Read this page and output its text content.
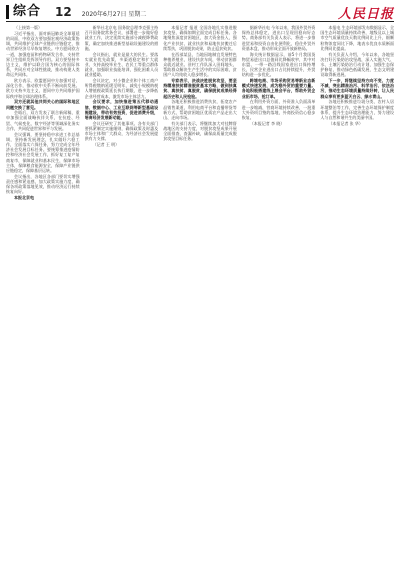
综合 12 2020年6月27日 星期二	人民日报

（上接第一版）

习近平指出，面对新冠肺炎全球蔓延的局面，中欧双方要加强宏观经济政策协调，共同维护全球产业链供应链稳定，推动世界经济尽早恢复增长。中方愿同欧方一道，加强疫苗和药物研发合作，支持世界卫生组织发挥领导作用。双方要坚持多边主义，维护以联合国为核心的国际体系，共同应对全球性挑战，推动构建人类命运共同体。

欧方表示，欧盟愿同中方加强对话，深化合作，推动欧中关系不断向前发展。欧方支持多边主义，愿同中方共同维护国际秩序和全球治理体系。

双方还就其他共同关心的国际和地区问题交换了意见。

会晤后，双方发表了联合新闻稿，重申加强全面战略伙伴关系，在抗疫、经贸、气候变化、数字经济等领域深化务实合作，共同促进世界和平与发展。

会议强调，要坚持稳中求进工作总基调，坚持新发展理念，扎实做好六稳工作，全面落实六保任务，努力完成全年经济社会发展目标任务。要统筹推进疫情防控和经济社会发展工作，抓好复工复产复商复市，保障就业和基本民生，保障市场主体，保障粮食能源安全，保障产业链供应链稳定，保障基层运转。

会议指出，各地区各部门要切实增强责任感和紧迫感，加大政策实施力度，确保各项政策落地见效，推动经济运行持续恢复向好。

本报北京电

新华社北京电 国务院总理李克强主持召开国务院常务会议，部署进一步做好稳就业工作，决定延续实施部分减税降费政策，确定加快推进新型基础设施建设的措施。

会议指出，就业是最大的民生。要落实就业优先政策，多渠道稳定和扩大就业，支持高校毕业生、农民工等重点群体就业，加强职业技能培训，强化困难人员就业援助。

会议决定，对小微企业和个体工商户所得税缴纳延缓至明年，减免小规模纳税人增值税政策延长执行期限，进一步降低企业经营成本，激发市场主体活力。

会议要求，加快推进第五代移动通信、数据中心、工业互联网等新型基础设施建设，带动有效投资，促进消费升级，培育经济发展新动能。

会议还研究了其他事项。各有关部门要抓紧制定实施细则，确保政策及时惠及市场主体和广大群众，为经济社会发展提供有力支撑。

（记者 王 明）

本报记者 报道 全国各地扎实推进脱贫攻坚，确保如期全面完成目标任务。各地聚焦深度贫困地区，加大资金投入，强化产业扶贫、就业扶贫和易地扶贫搬迁后续帮扶，巩固脱贫成果，防止返贫致贫。

在西部某县，当地因地制宜发展特色种植养殖业，建设扶贫车间，带动贫困群众就近就业。驻村工作队深入田间地头，帮助群众解决生产生活中的实际困难，贫困户人均纯收入稳步增长。

专家表示，决战决胜脱贫攻坚，要坚持精准扶贫精准脱贫基本方略，做到扶真贫、真扶贫、真脱贫，确保脱贫成果经得起历史和人民检验。

各地还积极推进消费扶贫，拓宽农产品销售渠道，利用电商平台和直播带货等新方式，帮助贫困地区优质农产品走出大山、走向市场。

有关部门表示，将继续加大对挂牌督战地区的支持力度，对脱贫攻坚成果开展全面排查，查漏补缺，确保高质量完成脱贫攻坚目标任务。

据新华社电 今年以来，我国外贸外资保持总体稳定，进出口呈现回稳向好态势。商务部有关负责人表示，将进一步推进贸易和投资自由化便利化，稳住外贸外资基本盘，推动形成全面开放新格局。

海关统计数据显示，前5个月我国货物贸易进出口总值同比降幅收窄，其中对东盟、一带一路沿线国家进出口保持增长，民营企业进出口占比持续提升，外贸结构进一步优化。

跨境电商、市场采购贸易等新业态新模式快速发展，成为稳外贸的重要力量。各地积极搭建线上展会平台，帮助外贸企业拓市场、抢订单。

在利用外资方面，外资准入负面清单进一步缩减，营商环境持续改善，一批重大外资项目签约落地，外商投资信心稳步恢复。

（本报记者 李 晓）

本报电 生态环境部发布数据显示，全国生态环境质量持续改善，地级及以上城市空气质量优良天数比例同比上升，细颗粒物浓度同比下降，地表水优良水质断面比例同比提高。

有关负责人介绍，今年以来，各地坚决打好污染防治攻坚战，深入实施大气、水、土壤污染防治行动计划，加强生态保护修复，推动绿色低碳发展，生态文明建设取得新进展。

下一步，将继续坚持方向不变、力度不减，突出精准治污、科学治污、依法治污，推动生态环境质量持续好转，让人民群众享有更多蓝天白云、绿水青山。

各地还积极推进垃圾分类、农村人居环境整治等工作，完善生态环境保护制度体系，提升生态环境治理能力，努力建设人与自然和谐共生的美丽中国。

（本报记者 张 华）
